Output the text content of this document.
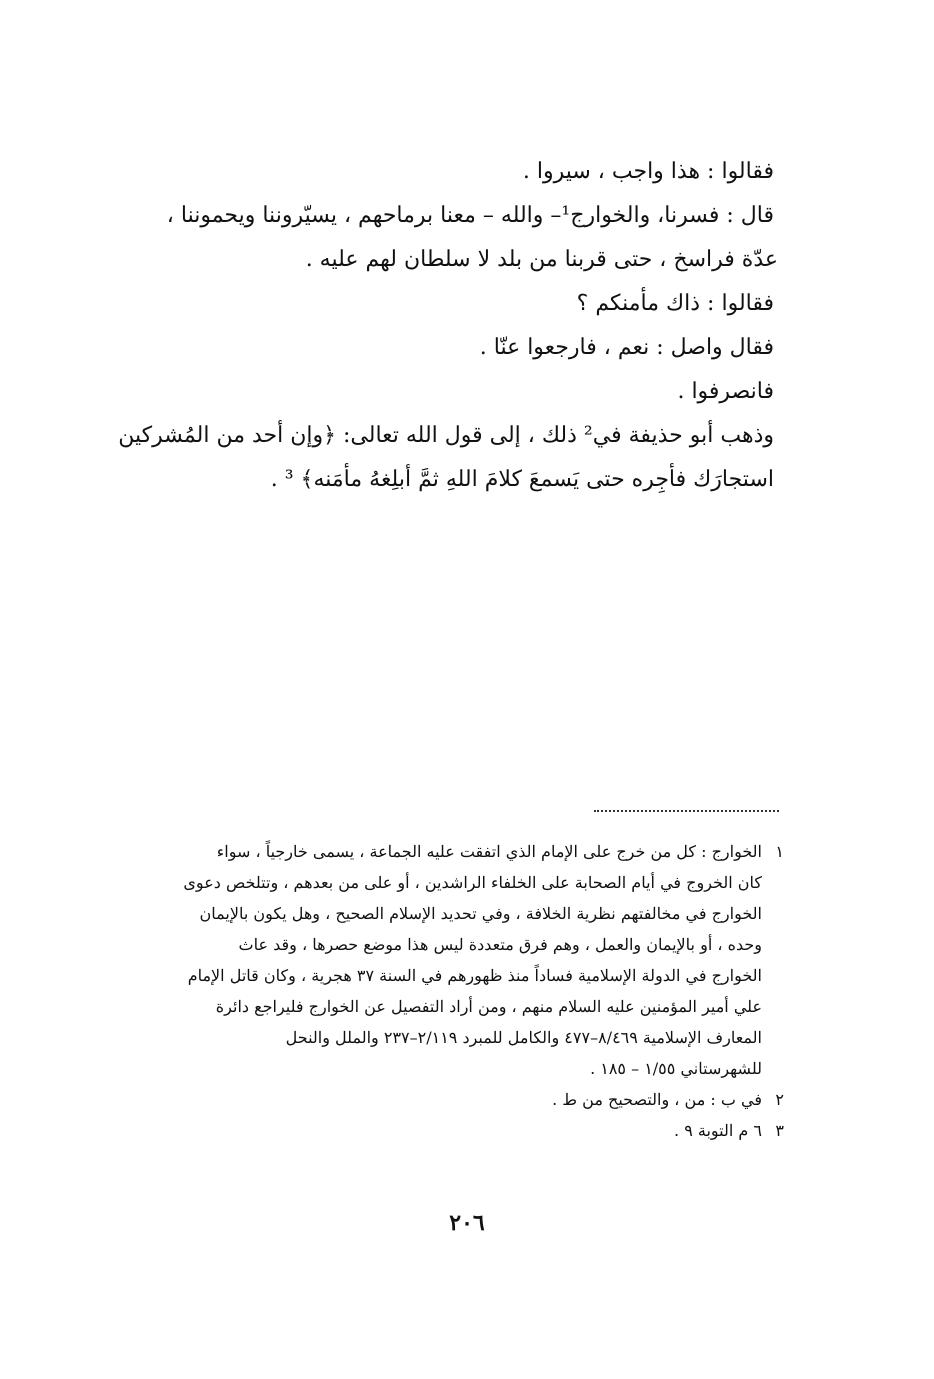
فقالوا : هذا واجب ، سيروا .

قال : فسرنا، والخوارج¹– والله – معنا برماحهم ، يسيّروننا ويحموننا ،

عدّة فراسخ ، حتى قربنا من بلد لا سلطان لهم عليه .

فقالوا : ذاك مأمنكم ؟

فقال واصل : نعم ، فارجعوا عنّا .

فانصرفوا .

وذهب أبو حذيفة في² ذلك ، إلى قول الله تعالى: ﴿وإن أحد من المُشركين

استجارَك فأجِره حتى يَسمعَ كلامَ اللهِ ثمَّ أبلِغهُ مأمَنه﴾ ³ .

١الخوارج : كل من خرج على الإمام الذي اتفقت عليه الجماعة ، يسمى خارجياً ، سواء

كان الخروج في أيام الصحابة على الخلفاء الراشدين ، أو على من بعدهم ، وتتلخص دعوى

الخوارج في مخالفتهم نظرية الخلافة ، وفي تحديد الإسلام الصحيح ، وهل يكون بالإيمان

وحده ، أو بالإيمان والعمل ، وهم فرق متعددة ليس هذا موضع حصرها ، وقد عاث

الخوارج في الدولة الإسلامية فساداً منذ ظهورهم في السنة ٣٧ هجرية ، وكان قاتل الإمام

علي أمير المؤمنين عليه السلام منهم ، ومن أراد التفصيل عن الخوارج فليراجع دائرة

المعارف الإسلامية ٨/٤٦٩–٤٧٧ والكامل للمبرد ٢/١١٩–٢٣٧ والملل والنحل

للشهرستاني ١/٥٥ – ١٨٥ .

٢في ب : من ، والتصحيح من ط .

٣٦ م التوبة ٩ .

٢٠٦
